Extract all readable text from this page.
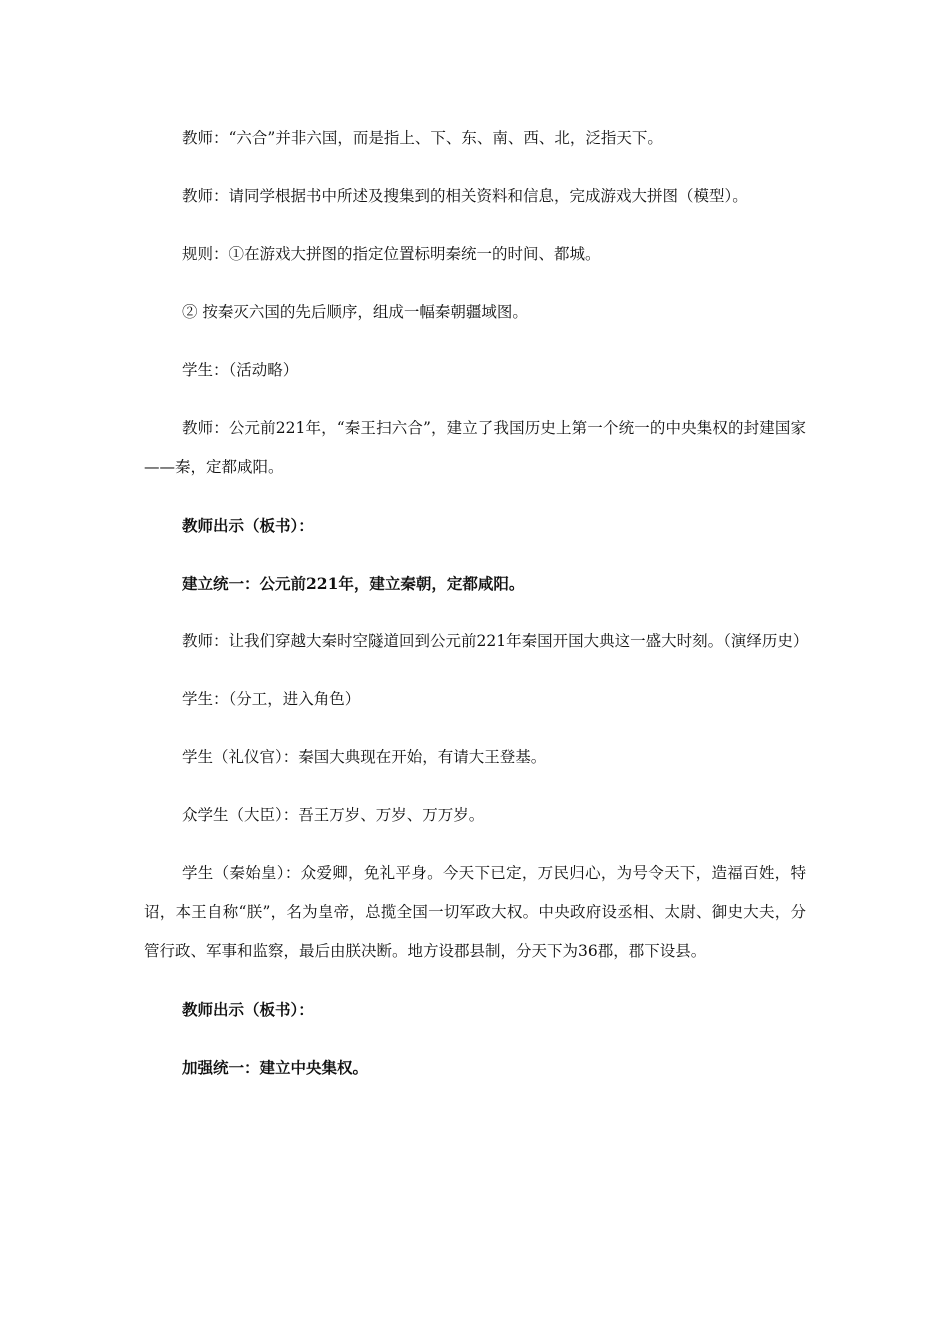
教师：“六合”并非六国，而是指上、下、东、南、西、北，泛指天下。

教师：请同学根据书中所述及搜集到的相关资料和信息，完成游戏大拼图（模型）。

规则：①在游戏大拼图的指定位置标明秦统一的时间、都城。

② 按秦灭六国的先后顺序，组成一幅秦朝疆域图。

学生：（活动略）

教师：公元前221年，“秦王扫六合”，建立了我国历史上第一个统一的中央集权的封建国家——秦，定都咸阳。

教师出示（板书）：

建立统一：公元前221年，建立秦朝，定都咸阳。

教师：让我们穿越大秦时空隧道回到公元前221年秦国开国大典这一盛大时刻。（演绎历史）

学生：（分工，进入角色）

学生（礼仪官）：秦国大典现在开始，有请大王登基。

众学生（大臣）：吾王万岁、万岁、万万岁。

学生（秦始皇）：众爱卿，免礼平身。今天下已定，万民归心，为号令天下，造福百姓，特诏，本王自称“朕”，名为皇帝，总揽全国一切军政大权。中央政府设丞相、太尉、御史大夫，分管行政、军事和监察，最后由朕决断。地方设郡县制，分天下为36郡，郡下设县。

教师出示（板书）：

加强统一：建立中央集权。
